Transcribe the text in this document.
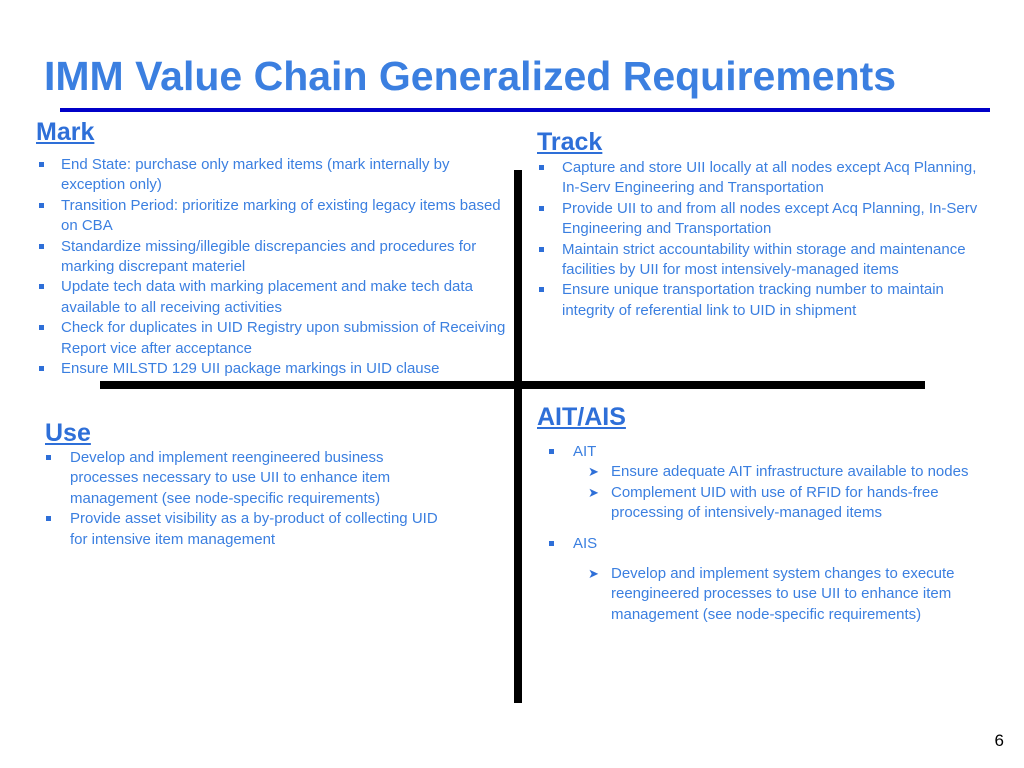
IMM Value Chain Generalized Requirements
Mark
End State: purchase only marked items (mark internally by exception only)
Transition Period: prioritize marking of existing legacy items based on CBA
Standardize missing/illegible discrepancies and procedures for marking discrepant materiel
Update tech data with marking placement and make tech data available to all receiving activities
Check for duplicates in UID Registry upon submission of Receiving Report vice after acceptance
Ensure MILSTD 129 UII package markings in UID clause
Track
Capture and store UII locally at all nodes except Acq Planning, In-Serv Engineering and Transportation
Provide UII to and from all nodes except Acq Planning, In-Serv Engineering and Transportation
Maintain strict accountability within storage and maintenance facilities by UII for most intensively-managed items
Ensure unique transportation tracking number to maintain integrity of referential link to UID in shipment
Use
Develop and implement reengineered business processes necessary to use UII to enhance item management (see node-specific requirements)
Provide asset visibility as a by-product of collecting UID for intensive item management
AIT/AIS
AIT
➤ Ensure adequate AIT infrastructure available to nodes
➤ Complement UID with use of RFID for hands-free processing of intensively-managed items
AIS
➤ Develop and implement system changes to execute reengineered processes to use UII to enhance item management (see node-specific requirements)
6
